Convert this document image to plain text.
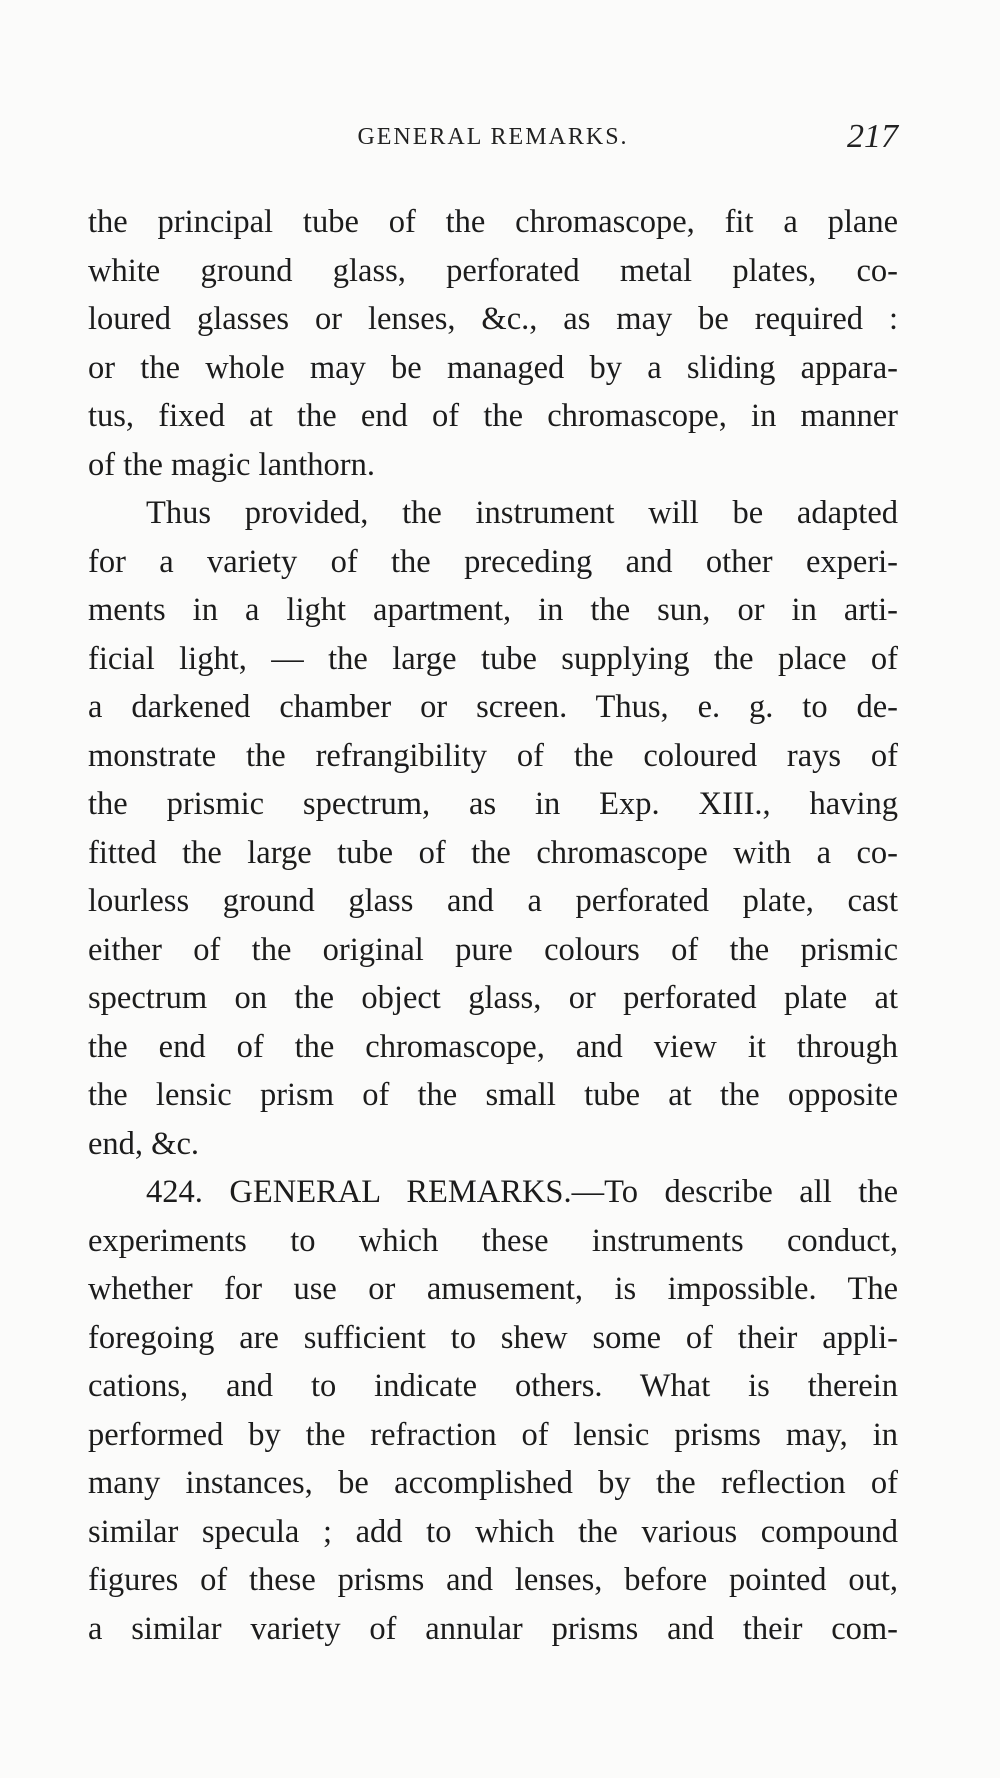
GENERAL REMARKS.	217
the principal tube of the chromascope, fit a plane
white ground glass, perforated metal plates, co-
loured glasses or lenses, &c., as may be required :
or the whole may be managed by a sliding appara-
tus, fixed at the end of the chromascope, in manner
of the magic lanthorn.
Thus provided, the instrument will be adapted
for a variety of the preceding and other experi-
ments in a light apartment, in the sun, or in arti-
ficial light, — the large tube supplying the place of
a darkened chamber or screen. Thus, e. g. to de-
monstrate the refrangibility of the coloured rays of
the prismic spectrum, as in Exp. XIII., having
fitted the large tube of the chromascope with a co-
lourless ground glass and a perforated plate, cast
either of the original pure colours of the prismic
spectrum on the object glass, or perforated plate at
the end of the chromascope, and view it through
the lensic prism of the small tube at the opposite
end, &c.
424. GENERAL REMARKS.—To describe all the
experiments to which these instruments conduct,
whether for use or amusement, is impossible. The
foregoing are sufficient to shew some of their appli-
cations, and to indicate others. What is therein
performed by the refraction of lensic prisms may, in
many instances, be accomplished by the reflection of
similar specula ; add to which the various compound
figures of these prisms and lenses, before pointed out,
a similar variety of annular prisms and their com-
